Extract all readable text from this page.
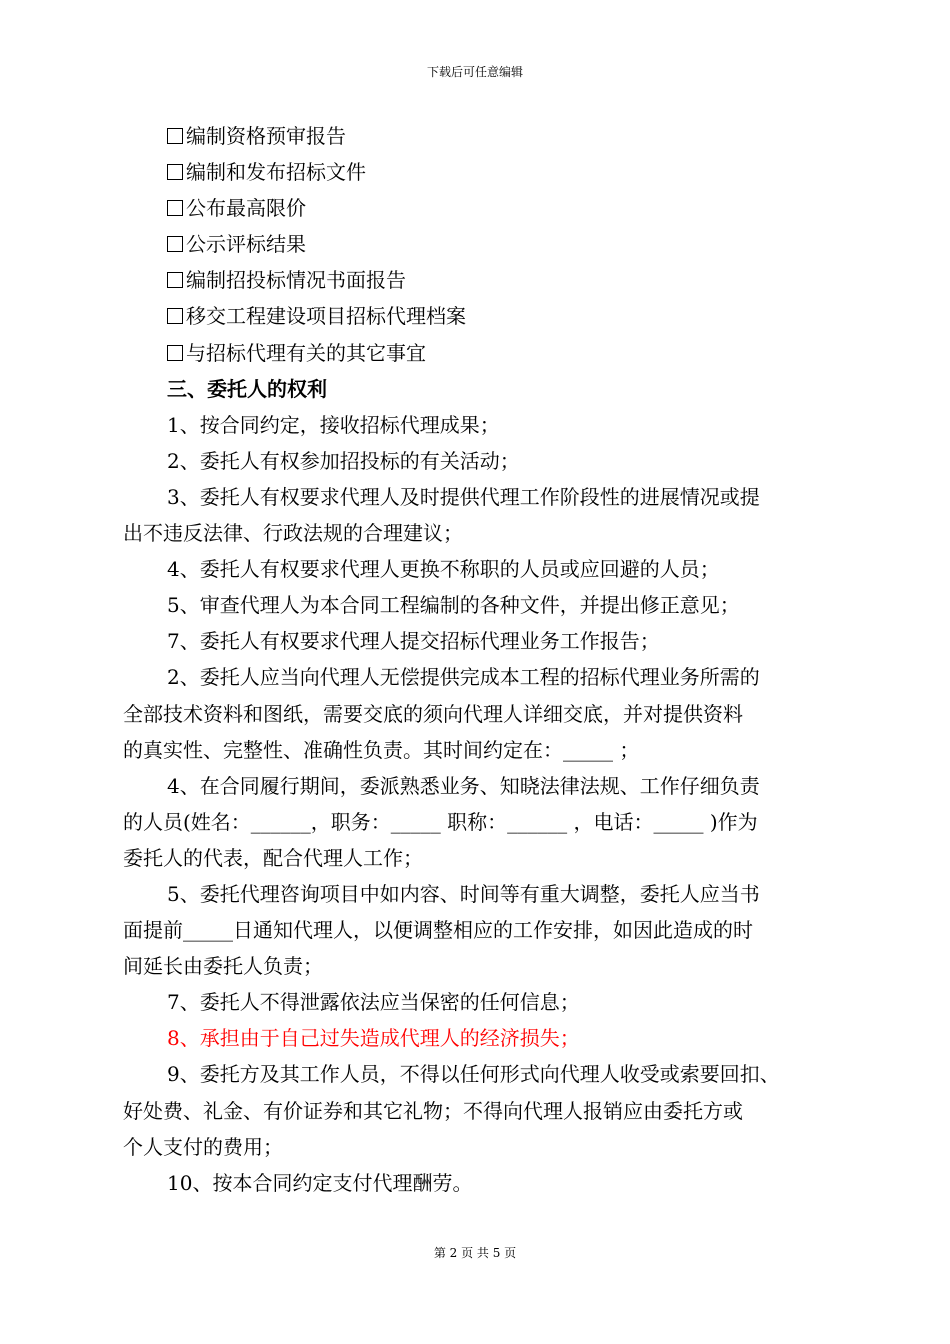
下载后可任意编辑
编制资格预审报告
编制和发布招标文件
公布最高限价
公示评标结果
编制招投标情况书面报告
移交工程建设项目招标代理档案
与招标代理有关的其它事宜
三、委托人的权利
1、按合同约定，接收招标代理成果；
2、委托人有权参加招投标的有关活动；
3、委托人有权要求代理人及时提供代理工作阶段性的进展情况或提
出不违反法律、行政法规的合理建议；
4、委托人有权要求代理人更换不称职的人员或应回避的人员；
5、审查代理人为本合同工程编制的各种文件，并提出修正意见；
7、委托人有权要求代理人提交招标代理业务工作报告；
2、委托人应当向代理人无偿提供完成本工程的招标代理业务所需的
全部技术资料和图纸，需要交底的须向代理人详细交底，并对提供资料
的真实性、完整性、准确性负责。其时间约定在：_____ ；
4、在合同履行期间，委派熟悉业务、知晓法律法规、工作仔细负责
的人员(姓名：______，职务：_____ 职称：______ ，电话：_____ )作为
委托人的代表，配合代理人工作；
5、委托代理咨询项目中如内容、时间等有重大调整，委托人应当书
面提前_____日通知代理人，以便调整相应的工作安排，如因此造成的时
间延长由委托人负责；
7、委托人不得泄露依法应当保密的任何信息；
8、承担由于自己过失造成代理人的经济损失；
9、委托方及其工作人员，不得以任何形式向代理人收受或索要回扣、
好处费、礼金、有价证券和其它礼物；不得向代理人报销应由委托方或
个人支付的费用；
10、按本合同约定支付代理酬劳。
第 2 页 共 5 页
